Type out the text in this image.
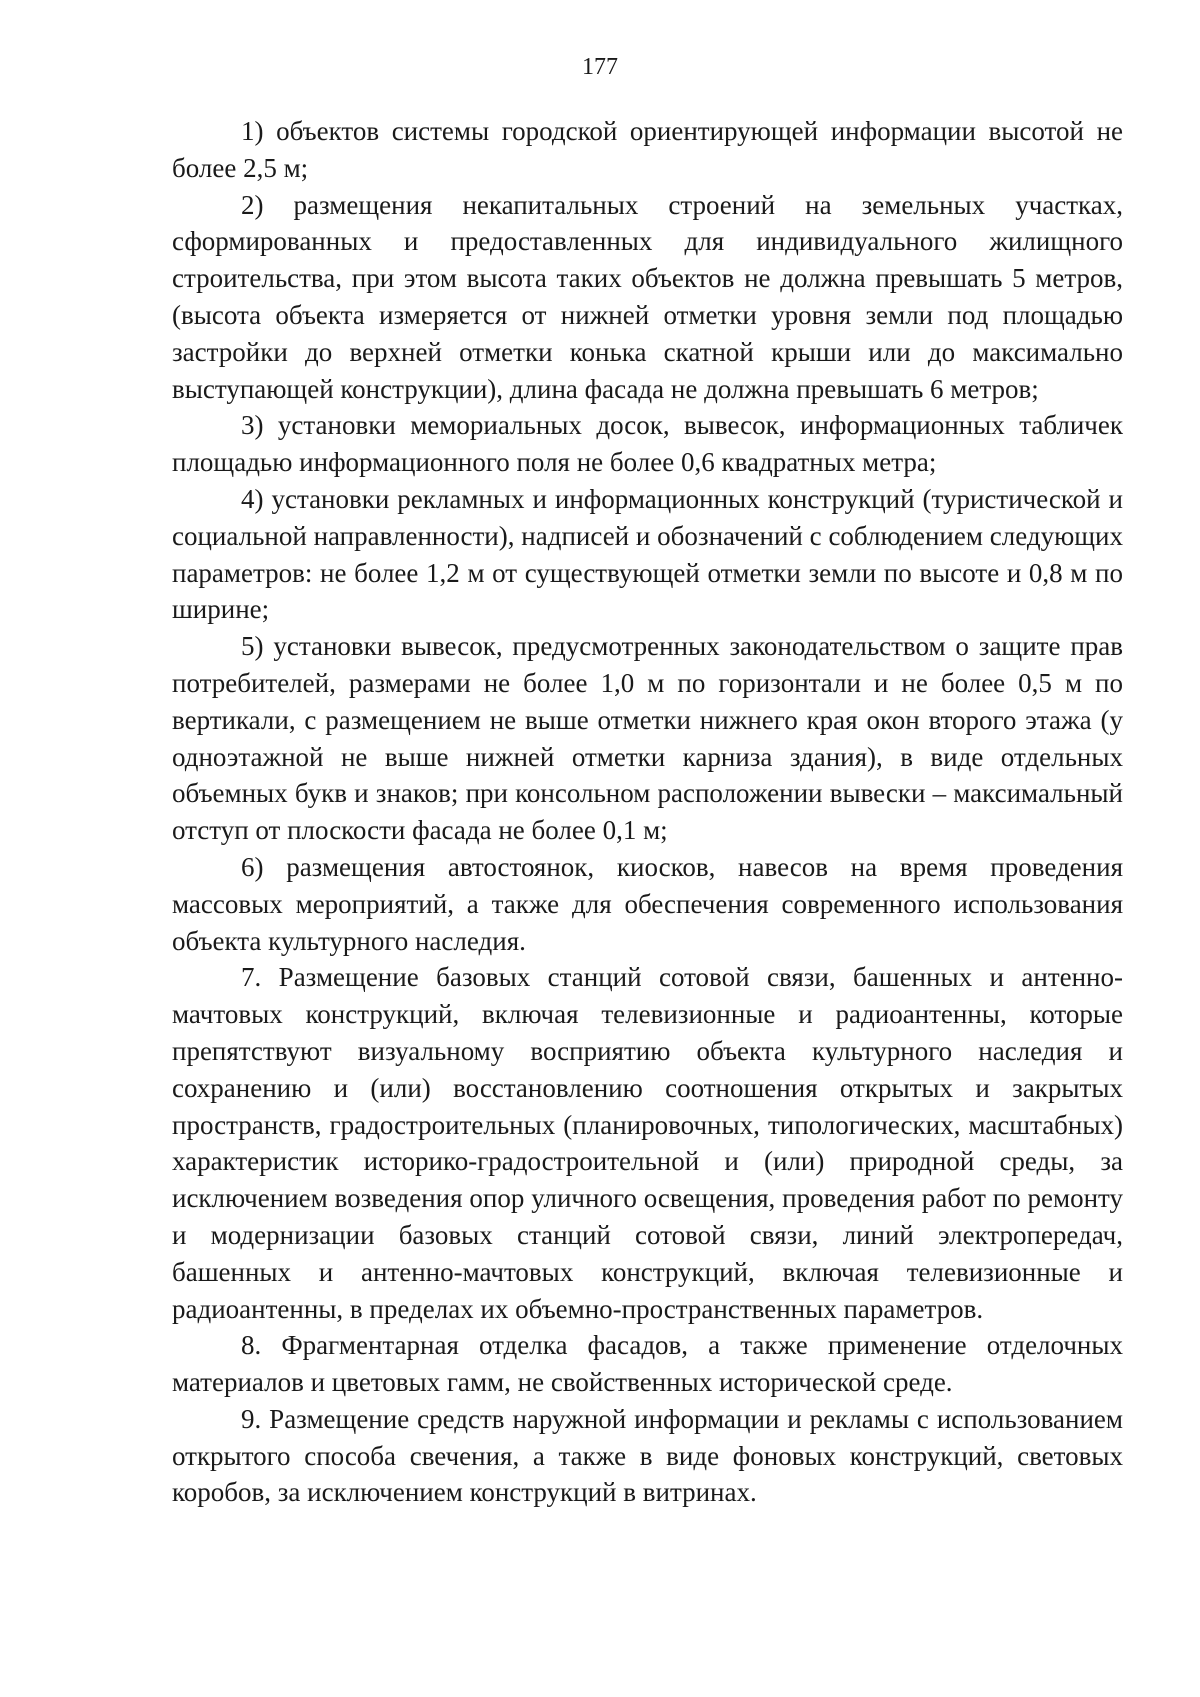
177

1) объектов системы городской ориентирующей информации высотой не более 2,5 м;

2) размещения некапитальных строений на земельных участках, сформированных и предоставленных для индивидуального жилищного строительства, при этом высота таких объектов не должна превышать 5 метров, (высота объекта измеряется от нижней отметки уровня земли под площадью застройки до верхней отметки конька скатной крыши или до максимально выступающей конструкции), длина фасада не должна превышать 6 метров;

3) установки мемориальных досок, вывесок, информационных табличек площадью информационного поля не более 0,6 квадратных метра;

4) установки рекламных и информационных конструкций (туристической и социальной направленности), надписей и обозначений с соблюдением следующих параметров: не более 1,2 м от существующей отметки земли по высоте и 0,8 м по ширине;

5) установки вывесок, предусмотренных законодательством о защите прав потребителей, размерами не более 1,0 м по горизонтали и не более 0,5 м по вертикали, с размещением не выше отметки нижнего края окон второго этажа (у одноэтажной не выше нижней отметки карниза здания), в виде отдельных объемных букв и знаков; при консольном расположении вывески – максимальный отступ от плоскости фасада не более 0,1 м;

6) размещения автостоянок, киосков, навесов на время проведения массовых мероприятий, а также для обеспечения современного использования объекта культурного наследия.

7. Размещение базовых станций сотовой связи, башенных и антенно-мачтовых конструкций, включая телевизионные и радиоантенны, которые препятствуют визуальному восприятию объекта культурного наследия и сохранению и (или) восстановлению соотношения открытых и закрытых пространств, градостроительных (планировочных, типологических, масштабных) характеристик историко-градостроительной и (или) природной среды, за исключением возведения опор уличного освещения, проведения работ по ремонту и модернизации базовых станций сотовой связи, линий электропередач, башенных и антенно-мачтовых конструкций, включая телевизионные и радиоантенны, в пределах их объемно-пространственных параметров.

8. Фрагментарная отделка фасадов, а также применение отделочных материалов и цветовых гамм, не свойственных исторической среде.

9. Размещение средств наружной информации и рекламы с использованием открытого способа свечения, а также в виде фоновых конструкций, световых коробов, за исключением конструкций в витринах.
